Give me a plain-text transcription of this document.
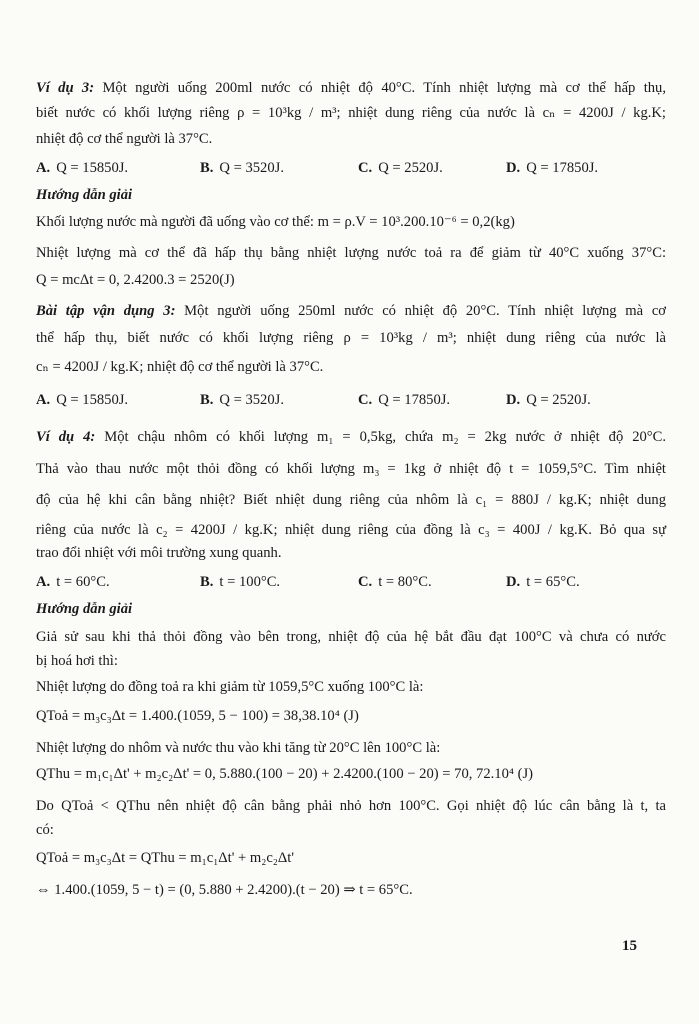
Ví dụ 3: Một người uống 200ml nước có nhiệt độ 40°C. Tính nhiệt lượng mà cơ thể hấp thụ,
biết nước có khối lượng riêng ρ = 10³kg / m³; nhiệt dung riêng của nước là cₙ = 4200J / kg.K;
nhiệt độ cơ thể người là 37°C.
A. Q = 15850J.	B. Q = 3520J.	C. Q = 2520J.	D. Q = 17850J.
Hướng dẫn giải
Khối lượng nước mà người đã uống vào cơ thể: m = ρ.V = 10³.200.10⁻⁶ = 0,2(kg)
Nhiệt lượng mà cơ thể đã hấp thụ bằng nhiệt lượng nước toả ra để giảm từ 40°C xuống 37°C:
Q = mcΔt = 0, 2.4200.3 = 2520(J)
Bài tập vận dụng 3: Một người uống 250ml nước có nhiệt độ 20°C. Tính nhiệt lượng mà cơ
thể hấp thụ, biết nước có khối lượng riêng ρ = 10³kg / m³; nhiệt dung riêng của nước là
cₙ = 4200J / kg.K; nhiệt độ cơ thể người là 37°C.
A. Q = 15850J.	B. Q = 3520J.	C. Q = 17850J.	D. Q = 2520J.
Ví dụ 4: Một chậu nhôm có khối lượng m₁ = 0,5kg, chứa m₂ = 2kg nước ở nhiệt độ 20°C.
Thả vào thau nước một thỏi đồng có khối lượng m₃ = 1kg ở nhiệt độ t = 1059,5°C. Tìm nhiệt
độ của hệ khi cân bằng nhiệt? Biết nhiệt dung riêng của nhôm là c₁ = 880J / kg.K; nhiệt dung
riêng của nước là c₂ = 4200J / kg.K; nhiệt dung riêng của đồng là c₃ = 400J / kg.K. Bỏ qua sự
trao đổi nhiệt với môi trường xung quanh.
A. t = 60°C.	B. t = 100°C.	C. t = 80°C.	D. t = 65°C.
Hướng dẫn giải
Giả sử sau khi thả thỏi đồng vào bên trong, nhiệt độ của hệ bắt đầu đạt 100°C và chưa có nước
bị hoá hơi thì:
Nhiệt lượng do đồng toả ra khi giảm từ 1059,5°C xuống 100°C là:
QToả = m₃c₃Δt = 1.400.(1059, 5 − 100) = 38,38.10⁴ (J)
Nhiệt lượng do nhôm và nước thu vào khi tăng từ 20°C lên 100°C là:
QThu = m₁c₁Δt' + m₂c₂Δt' = 0, 5.880.(100 − 20) + 2.4200.(100 − 20) = 70, 72.10⁴ (J)
Do QToả < QThu nên nhiệt độ cân bằng phải nhỏ hơn 100°C. Gọi nhiệt độ lúc cân bằng là t, ta
có:
QToả = m₃c₃Δt = QThu = m₁c₁Δt' + m₂c₂Δt'
⇔ 1.400.(1059, 5 − t) = (0, 5.880 + 2.4200).(t − 20) ⇒ t = 65°C.
15
